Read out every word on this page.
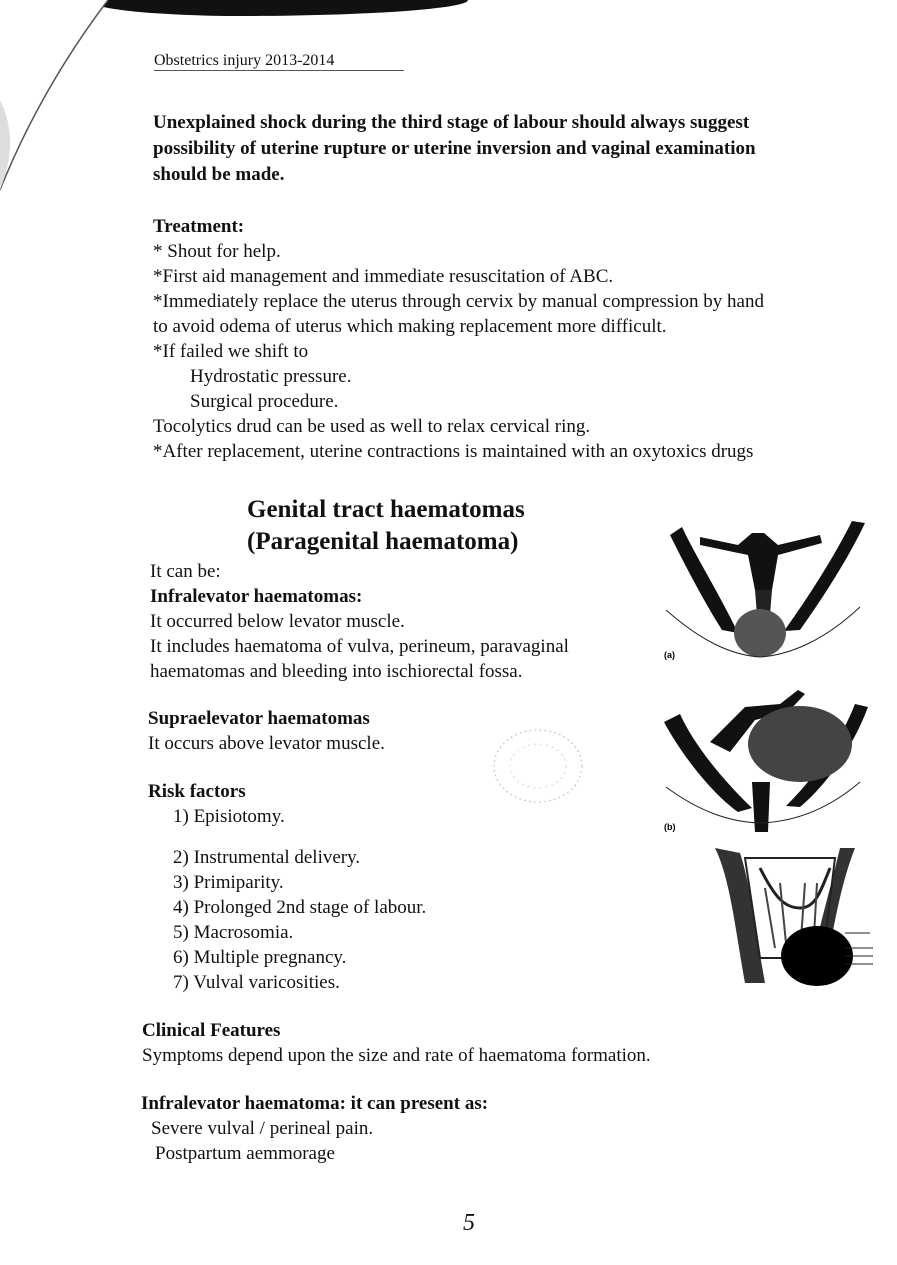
Obstetrics injury 2013-2014
Unexplained shock during the third stage of labour should always suggest
possibility of uterine rupture or uterine inversion and vaginal examination
should be made.
Treatment:
* Shout for help.
*First aid management and immediate resuscitation of ABC.
*Immediately replace the uterus through cervix by manual compression by hand
to avoid odema of uterus which making replacement more difficult.
*If failed we shift to
Hydrostatic pressure.
Surgical procedure.
Tocolytics drud can be used as well to relax cervical ring.
*After replacement, uterine contractions is maintained with an oxytoxics drugs
Genital tract haematomas
(Paragenital haematoma)
It can be:
Infralevator haematomas:
It occurred below levator muscle.
It includes haematoma of vulva, perineum, paravaginal
haematomas and bleeding into ischiorectal fossa.
Supraelevator haematomas
It occurs above levator muscle.
Risk factors
1) Episiotomy.
2) Instrumental delivery.
3) Primiparity.
4) Prolonged 2nd stage of labour.
5) Macrosomia.
6) Multiple pregnancy.
7) Vulval varicosities.
Clinical Features
Symptoms depend upon the size and rate of haematoma formation.
Infralevator haematoma: it can present as:
Severe vulval / perineal pain.
Postpartum aemmorage
(a)
(b)
5
